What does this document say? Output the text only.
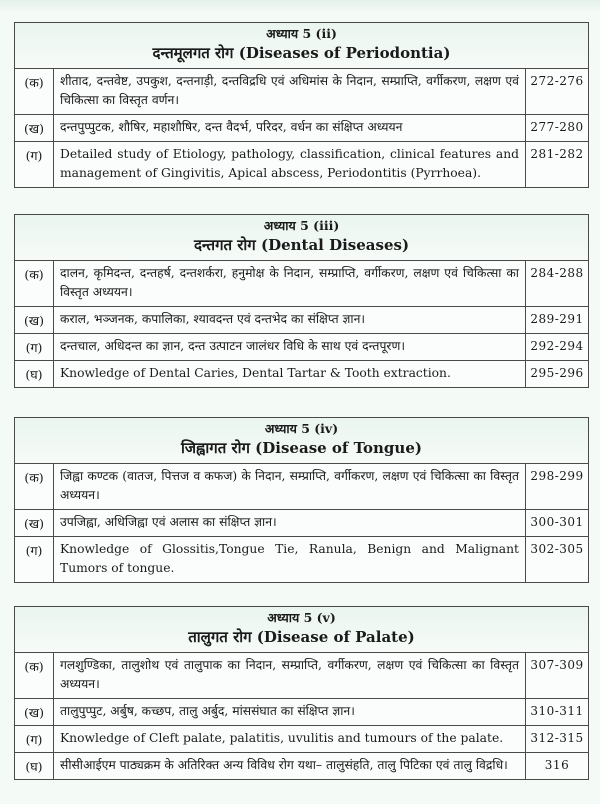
अध्याय 5 (ii)
दन्तमूलगत रोग (Diseases of Periodontia)
(क)	शीताद, दन्तवेष्ट, उपकुश, दन्तनाड़ी, दन्तविद्रधि एवं अधिमांस के निदान, सम्प्राप्ति, वर्गीकरण, लक्षण एवं चिकित्सा का विस्तृत वर्णन।
272-276
(ख)	दन्तपुप्पुटक, शौषिर, महाशौषिर, दन्त वैदर्भ, परिदर, वर्धन का संक्षिप्त अध्ययन	277-280
(ग)	Detailed study of Etiology, pathology, classification, clinical features and management of Gingivitis, Apical abscess, Periodontitis (Pyrrhoea).
281-282
अध्याय 5 (iii)
दन्तगत रोग (Dental Diseases)
(क)	दालन, कृमिदन्त, दन्तहर्ष, दन्तशर्करा, हनुमोक्ष के निदान, सम्प्राप्ति, वर्गीकरण, लक्षण एवं चिकित्सा का विस्तृत अध्ययन।
284-288
(ख)	कराल, भञ्जनक, कपालिका, श्यावदन्त एवं दन्तभेद का संक्षिप्त ज्ञान।	289-291
(ग)	दन्तचाल, अधिदन्त का ज्ञान, दन्त उत्पाटन जालंधर विधि के साथ एवं दन्तपूरण।	292-294
(घ)	Knowledge of Dental Caries, Dental Tartar & Tooth extraction.	295-296
अध्याय 5 (iv)
जिह्वागत रोग (Disease of Tongue)
(क)	जिह्वा कण्टक (वातज, पित्तज व कफज) के निदान, सम्प्राप्ति, वर्गीकरण, लक्षण एवं चिकित्सा का विस्तृत अध्ययन।
298-299
(ख)	उपजिह्वा, अधिजिह्वा एवं अलास का संक्षिप्त ज्ञान।	300-301
(ग)	Knowledge of Glossitis,Tongue Tie, Ranula, Benign and Malignant Tumors of tongue.
302-305
अध्याय 5 (v)
तालुगत रोग (Disease of Palate)
(क)	गलशुण्डिका, तालुशोथ एवं तालुपाक का निदान, सम्प्राप्ति, वर्गीकरण, लक्षण एवं चिकित्सा का विस्तृत अध्ययन।
307-309
(ख)	तालुपुप्पुट, अर्बुष, कच्छप, तालु अर्बुद, मांससंघात का संक्षिप्त ज्ञान।	310-311
(ग)	Knowledge of Cleft palate, palatitis, uvulitis and tumours of the palate.	312-315
(घ)	सीसीआईएम पाठ्यक्रम के अतिरिक्त अन्य विविध रोग यथा– तालुसंहति, तालु पिटिका एवं तालु विद्रधि।	316
